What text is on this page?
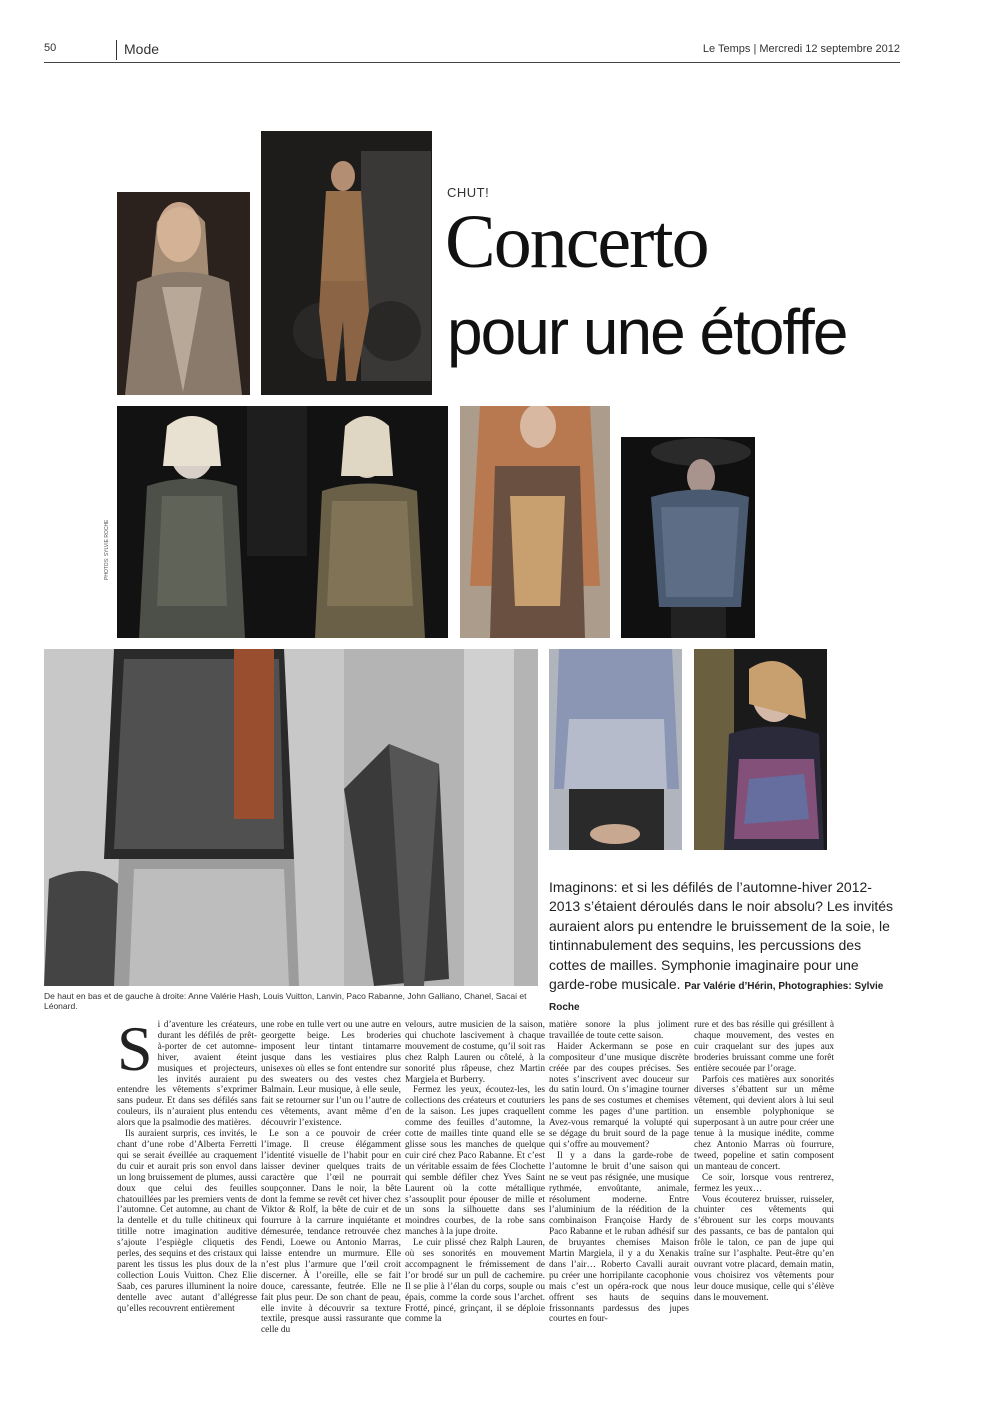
50	Mode	Le Temps | Mercredi 12 septembre 2012
CHUT!
Concerto
pour une étoffe
PHOTOS: SYLVIE ROCHE
Imaginons: et si les défilés de l’automne-hiver 2012-2013 s’étaient déroulés dans le noir absolu? Les invités auraient alors pu entendre le bruissement de la soie, le tintinnabulement des sequins, les percussions des cottes de mailles. Symphonie imaginaire pour une garde-robe musicale. Par Valérie d’Hérin, Photographies: Sylvie Roche
De haut en bas et de gauche à droite: Anne Valérie Hash, Louis Vuitton, Lanvin, Paco Rabanne, John Galliano, Chanel, Sacai et Léonard.

Si d’aventure les créateurs, durant les défilés de prêt-à-porter de cet automne-hiver, avaient éteint musiques et projecteurs, les invités auraient pu entendre les vêtements s’exprimer sans pudeur. Et dans ses défilés sans couleurs, ils n’auraient plus entendu alors que la psalmodie des matières.

Ils auraient surpris, ces invités, le chant d’une robe d’Alberta Ferretti qui se serait éveillée au craquement du cuir et aurait pris son envol dans un long bruissement de plumes, aussi doux que celui des feuilles chatouillées par les premiers vents de l’automne. Cet automne, au chant de la dentelle et du tulle chitineux qui titille notre imagination auditive s’ajoute l’espiègle cliquetis des perles, des sequins et des cristaux qui parent les tissus les plus doux de la collection Louis Vuitton. Chez Elie Saab, ces parures illuminent la noire dentelle avec autant d’allégresse qu’elles recouvrent entièrement

une robe en tulle vert ou une autre en georgette beige. Les broderies imposent leur tintant tintamarre jusque dans les vestiaires plus unisexes où elles se font entendre sur des sweaters ou des vestes chez Balmain. Leur musique, à elle seule, fait se retourner sur l’un ou l’autre de ces vêtements, avant même d’en découvrir l’existence.

Le son a ce pouvoir de créer l’image. Il creuse élégamment l’identité visuelle de l’habit pour en laisser deviner quelques traits de caractère que l’œil ne pourrait soupçonner. Dans le noir, la bête dont la femme se revêt cet hiver chez Viktor & Rolf, la bête de cuir et de fourrure à la carrure inquiétante et démesurée, tendance retrouvée chez Fendi, Loewe ou Antonio Marras, laisse entendre un murmure. Elle n’est plus l’armure que l’œil croit discerner. À l’oreille, elle se fait douce, caressante, feutrée. Elle ne fait plus peur. De son chant de peau, elle invite à découvrir sa texture textile, presque aussi rassurante que celle du

velours, autre musicien de la saison, qui chuchote lascivement à chaque mouvement de costume, qu’il soit ras chez Ralph Lauren ou côtelé, à la sonorité plus râpeuse, chez Martin Margiela et Burberry.

Fermez les yeux, écoutez-les, les collections des créateurs et couturiers de la saison. Les jupes craquellent comme des feuilles d’automne, la cotte de mailles tinte quand elle se glisse sous les manches de quelque cuir ciré chez Paco Rabanne. Et c’est un véritable essaim de fées Clochette qui semble défiler chez Yves Saint Laurent où la cotte métallique s’assouplit pour épouser de mille et un sons la silhouette dans ses moindres courbes, de la robe sans manches à la jupe droite.

Le cuir plissé chez Ralph Lauren, où ses sonorités en mouvement accompagnent le frémissement de l’or brodé sur un pull de cachemire. Il se plie à l’élan du corps, souple ou épais, comme la corde sous l’archet. Frotté, pincé, grinçant, il se déploie comme la

matière sonore la plus joliment travaillée de toute cette saison.

Haider Ackermann se pose en compositeur d’une musique discrète créée par des coupes précises. Ses notes s’inscrivent avec douceur sur du satin lourd. On s’imagine tourner les pans de ses costumes et chemises comme les pages d’une partition. Avez-vous remarqué la volupté qui se dégage du bruit sourd de la page qui s’offre au mouvement?

Il y a dans la garde-robe de l’automne le bruit d’une saison qui ne se veut pas résignée, une musique rythmée, envoûtante, animale, résolument moderne. Entre l’aluminium de la réédition de la combinaison Françoise Hardy de Paco Rabanne et le ruban adhésif sur de bruyantes chemises Maison Martin Margiela, il y a du Xenakis dans l’air… Roberto Cavalli aurait pu créer une horripilante cacophonie mais c’est un opéra-rock que nous offrent ses hauts de sequins frissonnants pardessus des jupes courtes en four-

rure et des bas résille qui grésillent à chaque mouvement, des vestes en cuir craquelant sur des jupes aux broderies bruissant comme une forêt entière secouée par l’orage.

Parfois ces matières aux sonorités diverses s’ébattent sur un même vêtement, qui devient alors à lui seul un ensemble polyphonique se superposant à un autre pour créer une tenue à la musique inédite, comme chez Antonio Marras où fourrure, tweed, popeline et satin composent un manteau de concert.

Ce soir, lorsque vous rentrerez, fermez les yeux…

Vous écouterez bruisser, ruisseler, chuinter ces vêtements qui s’ébrouent sur les corps mouvants des passants, ce bas de pantalon qui frôle le talon, ce pan de jupe qui traîne sur l’asphalte. Peut-être qu’en ouvrant votre placard, demain matin, vous choisirez vos vêtements pour leur douce musique, celle qui s’élève dans le mouvement.
